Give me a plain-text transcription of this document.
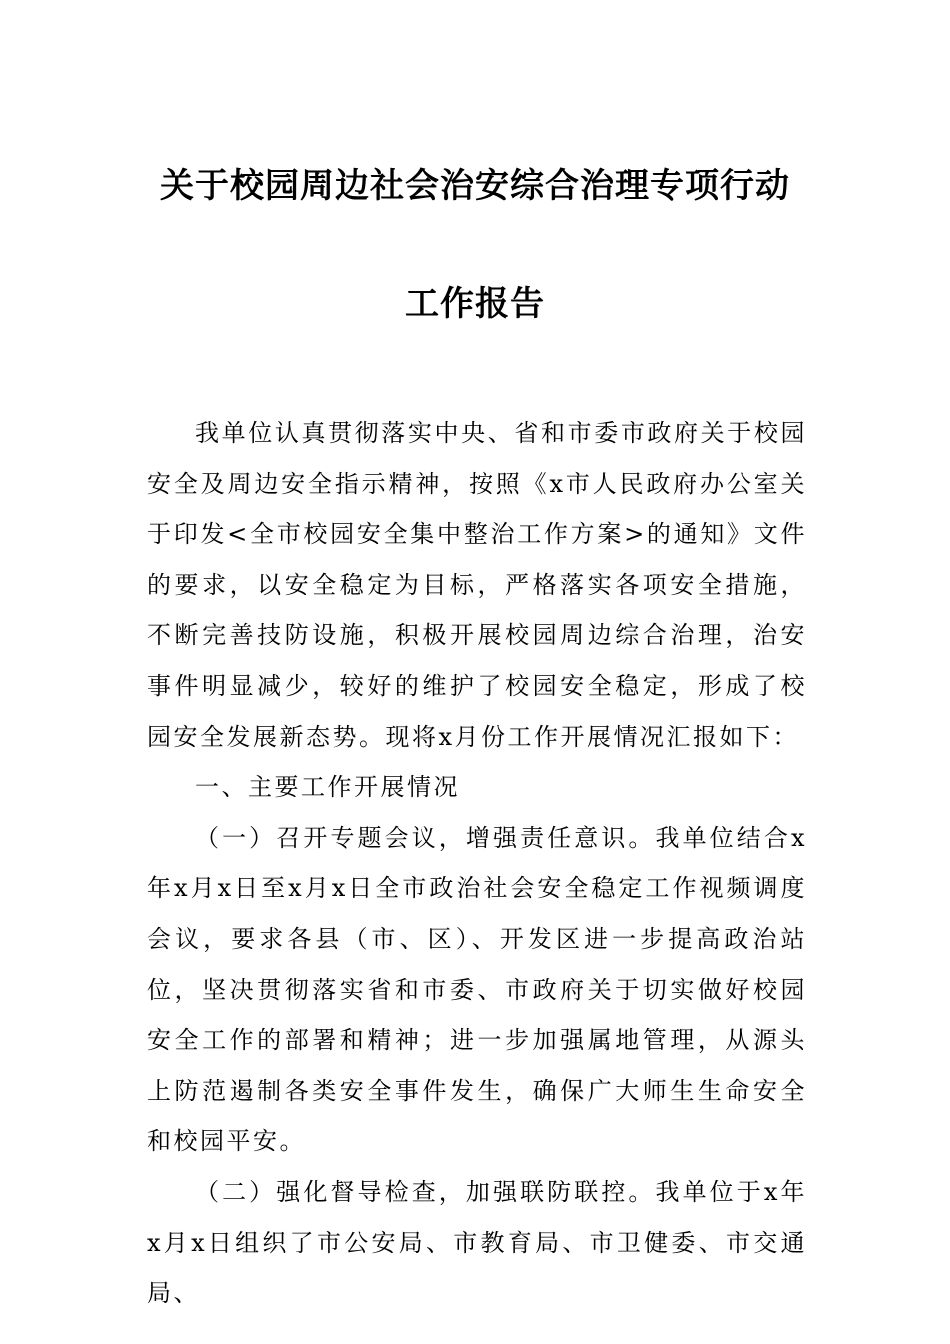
关于校园周边社会治安综合治理专项行动
工作报告

我单位认真贯彻落实中央、省和市委市政府关于校园安全及周边安全指示精神，按照《x市人民政府办公室关于印发<全市校园安全集中整治工作方案>的通知》文件的要求，以安全稳定为目标，严格落实各项安全措施，不断完善技防设施，积极开展校园周边综合治理，治安事件明显减少，较好的维护了校园安全稳定，形成了校园安全发展新态势。现将x月份工作开展情况汇报如下：

一、主要工作开展情况

（一）召开专题会议，增强责任意识。我单位结合x年x月x日至x月x日全市政治社会安全稳定工作视频调度会议，要求各县（市、区）、开发区进一步提高政治站位，坚决贯彻落实省和市委、市政府关于切实做好校园安全工作的部署和精神；进一步加强属地管理，从源头上防范遏制各类安全事件发生，确保广大师生生命安全和校园平安。

（二）强化督导检查，加强联防联控。我单位于x年x月x日组织了市公安局、市教育局、市卫健委、市交通局、
